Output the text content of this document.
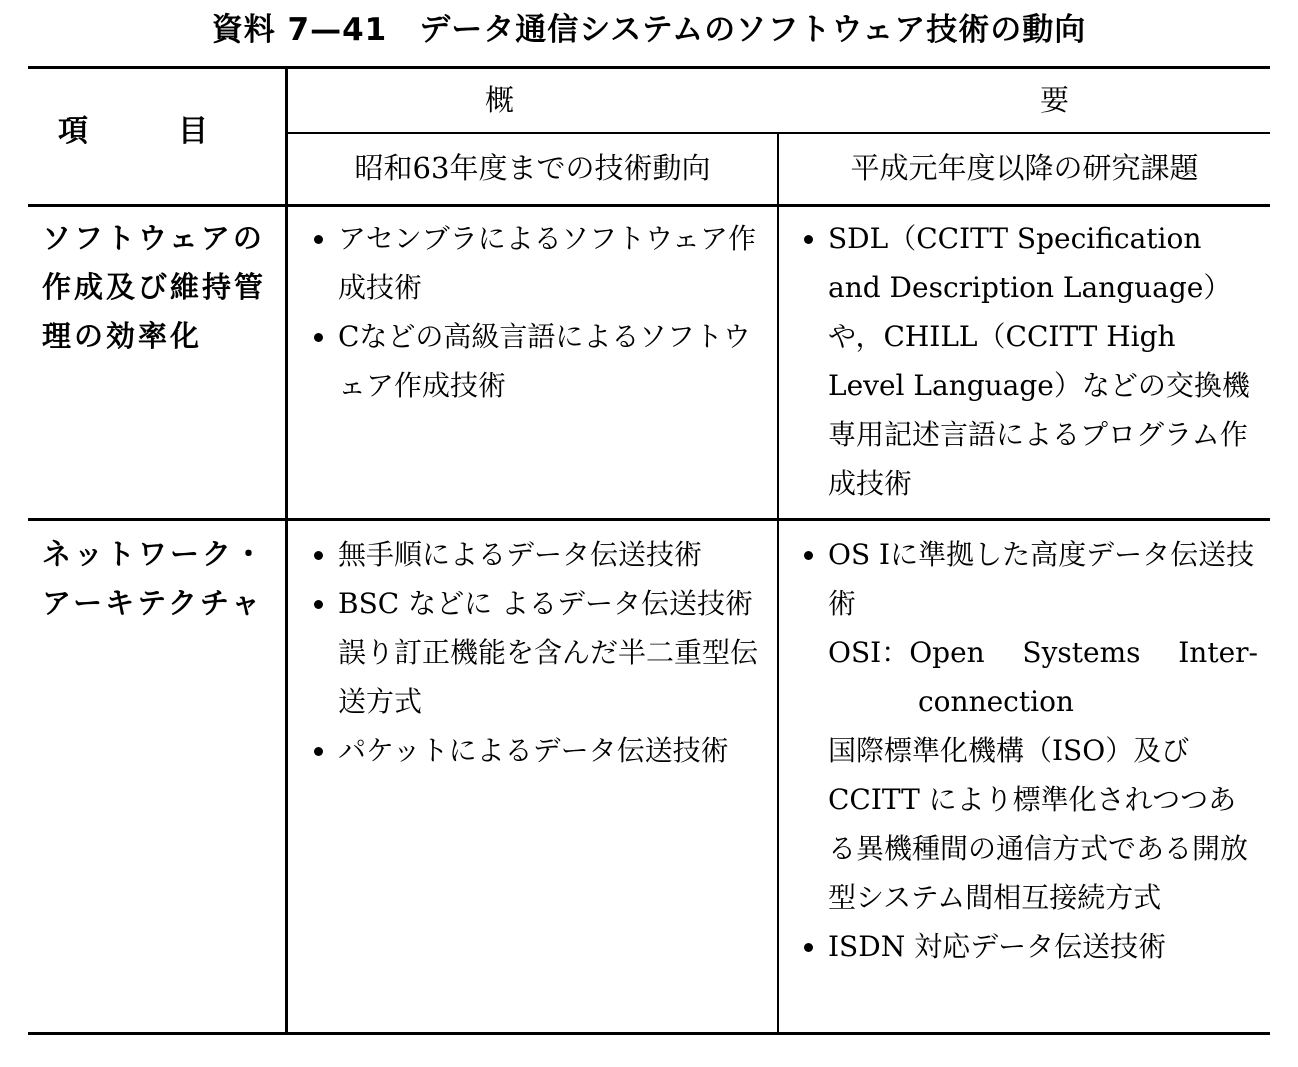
資料 7—41　データ通信システムのソフトウェア技術の動向
項　　　目
概	要
昭和63年度までの技術動向	平成元年度以降の研究課題
ソフトウェアの作成及び維持管理の効率化
アセンブラによるソフトウェア作成技術
Cなどの高級言語によるソフトウェア作成技術
SDL（CCITT Specification and Description Language）や，CHILL（CCITT High Level Language）などの交換機専用記述言語によるプログラム作成技術
ネットワーク・アーキテクチャ
無手順によるデータ伝送技術
BSC などに よるデータ伝送技術
誤り訂正機能を含んだ半二重型伝送方式
パケットによるデータ伝送技術
OS Iに準拠した高度データ伝送技術
OSI： Open Systems Inter-
connection
国際標準化機構（ISO）及びCCITT により標準化されつつある異機種間の通信方式である開放型システム間相互接続方式
ISDN 対応データ伝送技術
